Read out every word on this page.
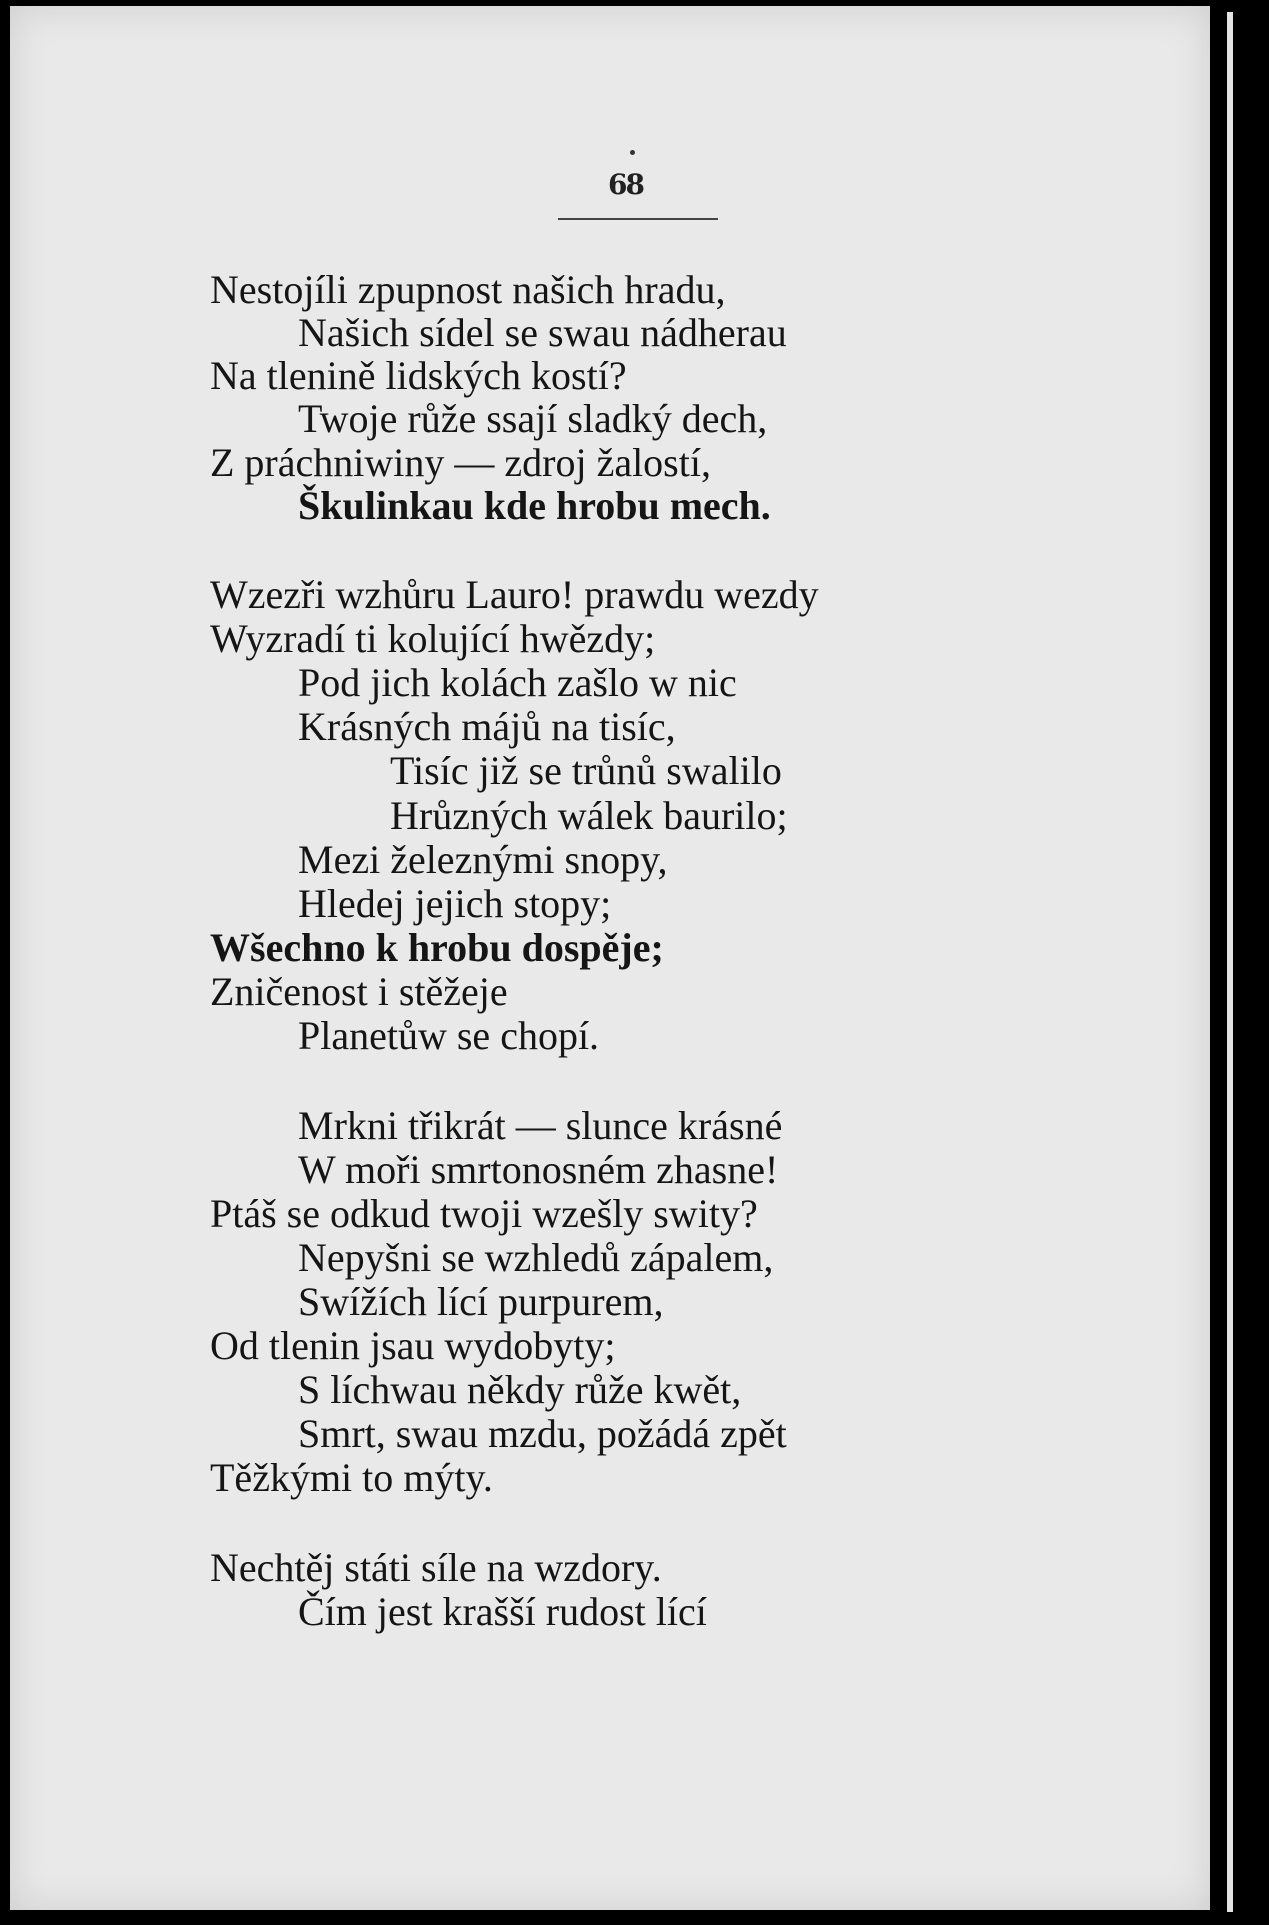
68
Nestojíli zpupnost našich hradu,
Našich sídel se swau nádherau
Na tlenině lidských kostí?
Twoje růže ssají sladký dech,
Z práchniwiny — zdroj žalostí,
Škulinkau kde hrobu mech.
Wzezři wzhůru Lauro! prawdu wezdy
Wyzradí ti kolující hwězdy;
Pod jich kolách zašlo w nic
Krásných májů na tisíc,
Tisíc již se trůnů swalilo
Hrůzných wálek baurilo;
Mezi železnými snopy,
Hledej jejich stopy;
Wšechno k hrobu dospěje;
Zničenost i stěžeje
Planetůw se chopí.
Mrkni třikrát — slunce krásné
W moři smrtonosném zhasne!
Ptáš se odkud twoji wzešly swity?
Nepyšni se wzhledů zápalem,
Swížích lící purpurem,
Od tlenin jsau wydobyty;
S líchwau někdy růže kwět,
Smrt, swau mzdu, požádá zpět
Těžkými to mýty.
Nechtěj státi síle na wzdory.
Čím jest krašší rudost lící
